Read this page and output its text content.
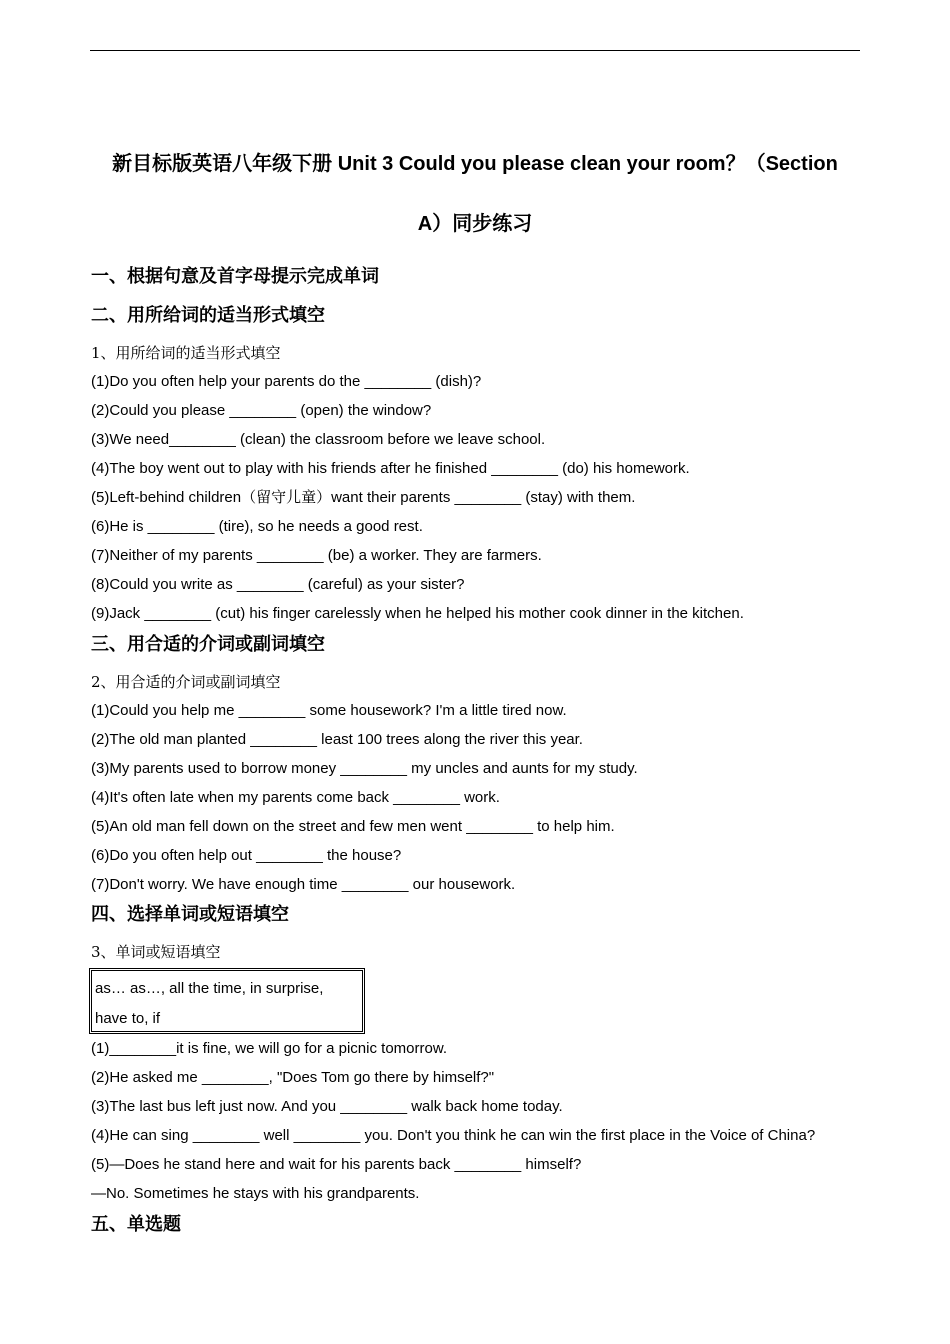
新目标版英语八年级下册 Unit 3 Could you please clean your room？（Section
A）同步练习
一、根据句意及首字母提示完成单词
二、用所给词的适当形式填空
1、用所给词的适当形式填空
(1)Do you often help your parents do the ________ (dish)?
(2)Could you please ________ (open) the window?
(3)We need________ (clean) the classroom before we leave school.
(4)The boy went out to play with his friends after he finished ________ (do) his homework.
(5)Left-behind children（留守儿童）want their parents ________ (stay) with them.
(6)He is ________ (tire), so he needs a good rest.
(7)Neither of my parents ________ (be) a worker. They are farmers.
(8)Could you write as ________ (careful) as your sister?
(9)Jack ________ (cut) his finger carelessly when he helped his mother cook dinner in the kitchen.
三、用合适的介词或副词填空
2、用合适的介词或副词填空
(1)Could you help me ________ some housework? I'm a little tired now.
(2)The old man planted ________ least 100 trees along the river this year.
(3)My parents used to borrow money ________ my uncles and aunts for my study.
(4)It's often late when my parents come back ________ work.
(5)An old man fell down on the street and few men went ________ to help him.
(6)Do you often help out ________ the house?
(7)Don't worry. We have enough time ________ our housework.
四、选择单词或短语填空
3、单词或短语填空
as… as…, all the time, in surprise,
have to, if
(1)________it is fine, we will go for a picnic tomorrow.
(2)He asked me ________, "Does Tom go there by himself?"
(3)The last bus left just now. And you ________ walk back home today.
(4)He can sing ________ well ________ you. Don't you think he can win the first place in the Voice of China?
(5)—Does he stand here and wait for his parents back ________ himself?
—No. Sometimes he stays with his grandparents.
五、单选题
